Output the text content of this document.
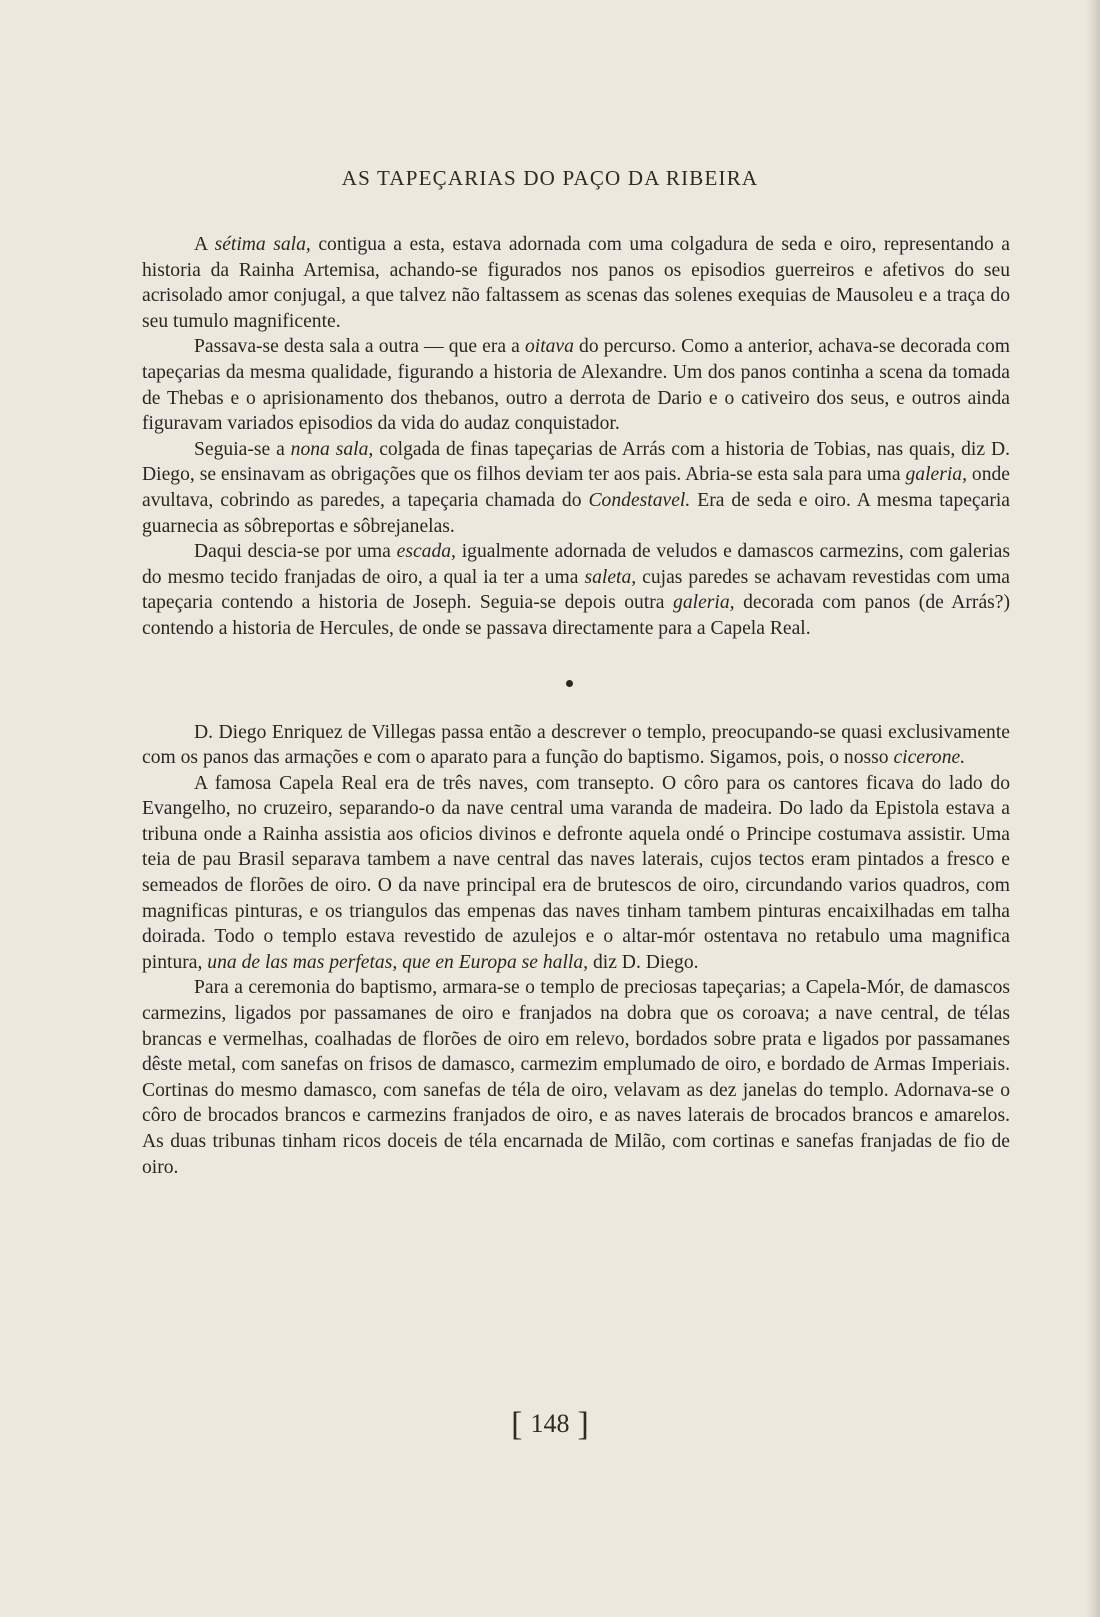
AS TAPEÇARIAS DO PAÇO DA RIBEIRA

A sétima sala, contigua a esta, estava adornada com uma colgadura de seda e oiro, representando a historia da Rainha Artemisa, achando-se figurados nos panos os episodios guerreiros e afetivos do seu acrisolado amor conjugal, a que talvez não faltassem as scenas das solenes exequias de Mausoleu e a traça do seu tumulo magnificente.

Passava-se desta sala a outra — que era a oitava do percurso. Como a anterior, achava-se decorada com tapeçarias da mesma qualidade, figurando a historia de Alexandre. Um dos panos continha a scena da tomada de Thebas e o aprisionamento dos thebanos, outro a derrota de Dario e o cativeiro dos seus, e outros ainda figuravam variados episodios da vida do audaz conquistador.

Seguia-se a nona sala, colgada de finas tapeçarias de Arrás com a historia de Tobias, nas quais, diz D. Diego, se ensinavam as obrigações que os filhos deviam ter aos pais. Abria-se esta sala para uma galeria, onde avultava, cobrindo as paredes, a tapeçaria chamada do Condestavel. Era de seda e oiro. A mesma tapeçaria guarnecia as sôbreportas e sôbrejanelas.

Daqui descia-se por uma escada, igualmente adornada de veludos e damascos carmezins, com galerias do mesmo tecido franjadas de oiro, a qual ia ter a uma saleta, cujas paredes se achavam revestidas com uma tapeçaria contendo a historia de Joseph. Seguia-se depois outra galeria, decorada com panos (de Arrás?) contendo a historia de Hercules, de onde se passava directamente para a Capela Real.

D. Diego Enriquez de Villegas passa então a descrever o templo, preocupando-se quasi exclusivamente com os panos das armações e com o aparato para a função do baptismo. Sigamos, pois, o nosso cicerone.

A famosa Capela Real era de três naves, com transepto. O côro para os cantores ficava do lado do Evangelho, no cruzeiro, separando-o da nave central uma varanda de madeira. Do lado da Epistola estava a tribuna onde a Rainha assistia aos oficios divinos e defronte aquela ondé o Principe costumava assistir. Uma teia de pau Brasil separava tambem a nave central das naves laterais, cujos tectos eram pintados a fresco e semeados de florões de oiro. O da nave principal era de brutescos de oiro, circundando varios quadros, com magnificas pinturas, e os triangulos das empenas das naves tinham tambem pinturas encaixilhadas em talha doirada. Todo o templo estava revestido de azulejos e o altar-mór ostentava no retabulo uma magnifica pintura, una de las mas perfetas, que en Europa se halla, diz D. Diego.

Para a ceremonia do baptismo, armara-se o templo de preciosas tapeçarias; a Capela-Mór, de damascos carmezins, ligados por passamanes de oiro e franjados na dobra que os coroava; a nave central, de télas brancas e vermelhas, coalhadas de florões de oiro em relevo, bordados sobre prata e ligados por passamanes dêste metal, com sanefas on frisos de damasco, carmezim emplumado de oiro, e bordado de Armas Imperiais. Cortinas do mesmo damasco, com sanefas de téla de oiro, velavam as dez janelas do templo. Adornava-se o côro de brocados brancos e carmezins franjados de oiro, e as naves laterais de brocados brancos e amarelos. As duas tribunas tinham ricos doceis de téla encarnada de Milão, com cortinas e sanefas franjadas de fio de oiro.

[ 148 ]
